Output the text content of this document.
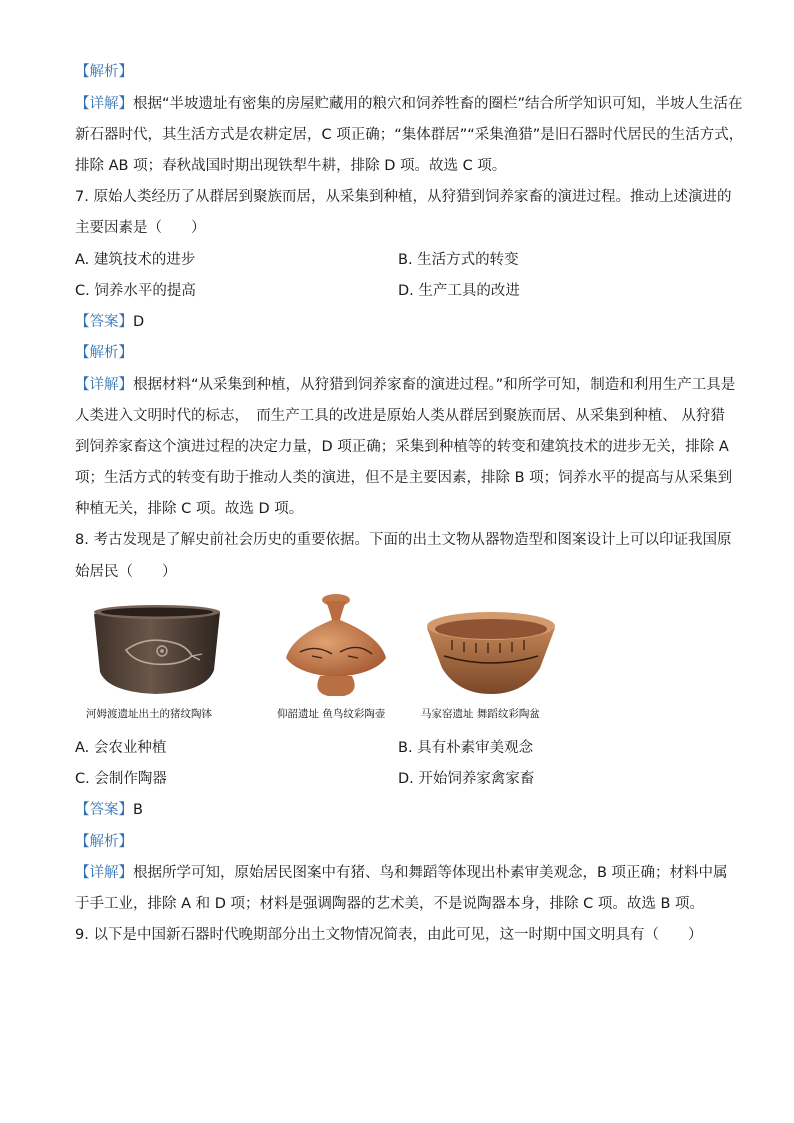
【解析】
【详解】根据“半坡遗址有密集的房屋贮藏用的粮穴和饲养牲畜的圈栏”结合所学知识可知，半坡人生活在
新石器时代，其生活方式是农耕定居，C 项正确；“集体群居”“采集渔猎”是旧石器时代居民的生活方式，
排除 AB 项；春秋战国时期出现铁犁牛耕，排除 D 项。故选 C 项。
7. 原始人类经历了从群居到聚族而居，从采集到种植，从狩猎到饲养家畜的演进过程。推动上述演进的
主要因素是（　　）
A. 建筑技术的进步	B. 生活方式的转变
C. 饲养水平的提高	D. 生产工具的改进
【答案】D
【解析】
【详解】根据材料“从采集到种植，从狩猎到饲养家畜的演进过程。”和所学可知，制造和利用生产工具是
人类进入文明时代的标志，　而生产工具的改进是原始人类从群居到聚族而居、从采集到种植、 从狩猎
到饲养家畜这个演进过程的决定力量，D 项正确；采集到种植等的转变和建筑技术的进步无关，排除 A
项；生活方式的转变有助于推动人类的演进，但不是主要因素，排除 B 项；饲养水平的提高与从采集到
种植无关，排除 C 项。故选 D 项。
8. 考古发现是了解史前社会历史的重要依据。下面的出土文物从器物造型和图案设计上可以印证我国原
始居民（　　）
河姆渡遗址出土的猪纹陶钵	仰韶遗址 鱼鸟纹彩陶壶	马家窑遗址 舞蹈纹彩陶盆
A. 会农业种植	B. 具有朴素审美观念
C. 会制作陶器	D. 开始饲养家禽家畜
【答案】B
【解析】
【详解】根据所学可知，原始居民图案中有猪、鸟和舞蹈等体现出朴素审美观念，B 项正确；材料中属
于手工业，排除 A 和 D 项；材料是强调陶器的艺术美，不是说陶器本身，排除 C 项。故选 B 项。
9. 以下是中国新石器时代晚期部分出土文物情况简表，由此可见，这一时期中国文明具有（　　）
